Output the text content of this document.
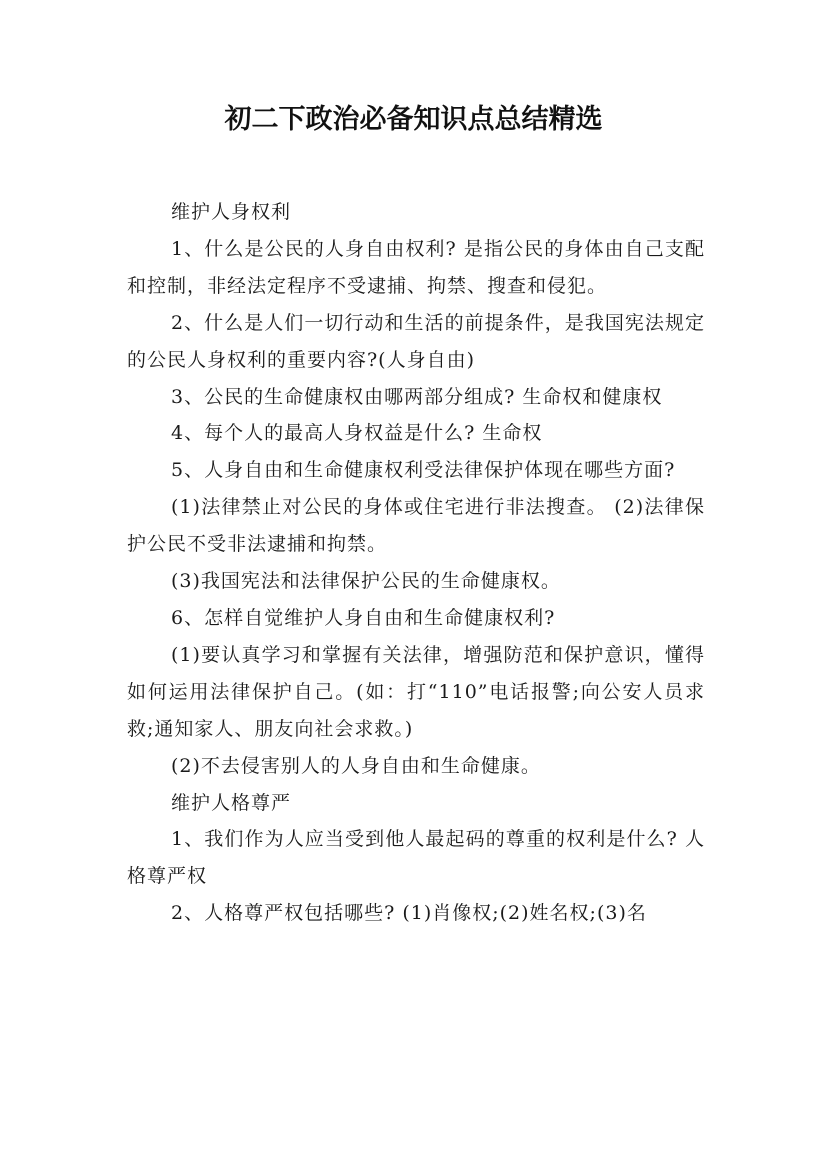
初二下政治必备知识点总结精选

维护人身权利

1、什么是公民的人身自由权利? 是指公民的身体由自己支配和控制，非经法定程序不受逮捕、拘禁、搜查和侵犯。

2、什么是人们一切行动和生活的前提条件，是我国宪法规定的公民人身权利的重要内容?(人身自由)

3、公民的生命健康权由哪两部分组成? 生命权和健康权

4、每个人的最高人身权益是什么? 生命权

5、人身自由和生命健康权利受法律保护体现在哪些方面?

(1)法律禁止对公民的身体或住宅进行非法搜查。 (2)法律保护公民不受非法逮捕和拘禁。

(3)我国宪法和法律保护公民的生命健康权。

6、怎样自觉维护人身自由和生命健康权利?

(1)要认真学习和掌握有关法律，增强防范和保护意识，懂得如何运用法律保护自己。(如：打“110”电话报警;向公安人员求救;通知家人、朋友向社会求救。)

(2)不去侵害别人的人身自由和生命健康。

维护人格尊严

1、我们作为人应当受到他人最起码的尊重的权利是什么? 人格尊严权

2、人格尊严权包括哪些? (1)肖像权;(2)姓名权;(3)名
